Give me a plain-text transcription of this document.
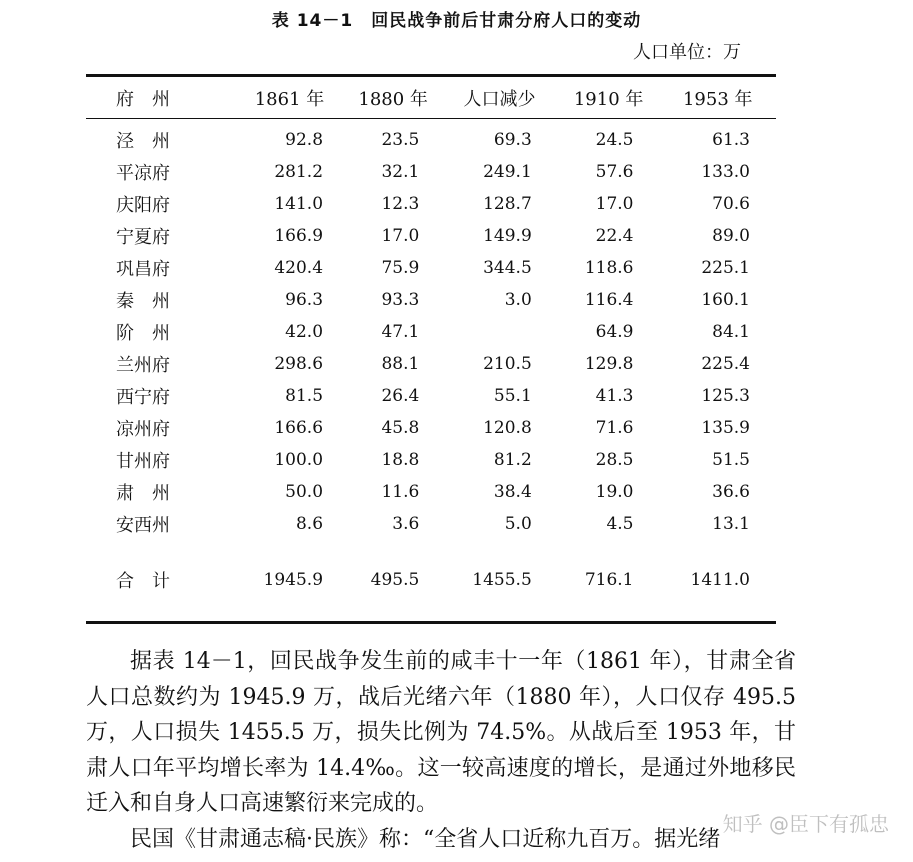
表 14－1　回民战争前后甘肃分府人口的变动
人口单位：万
府　州	1861 年	1880 年	人口减少	1910 年	1953 年
泾　州	92.8	23.5	69.3	24.5	61.3
平凉府	281.2	32.1	249.1	57.6	133.0
庆阳府	141.0	12.3	128.7	17.0	70.6
宁夏府	166.9	17.0	149.9	22.4	89.0
巩昌府	420.4	75.9	344.5	118.6	225.1
秦　州	96.3	93.3	3.0	116.4	160.1
阶　州	42.0	47.1		64.9	84.1
兰州府	298.6	88.1	210.5	129.8	225.4
西宁府	81.5	26.4	55.1	41.3	125.3
凉州府	166.6	45.8	120.8	71.6	135.9
甘州府	100.0	18.8	81.2	28.5	51.5
肃　州	50.0	11.6	38.4	19.0	36.6
安西州	8.6	3.6	5.0	4.5	13.1

合　计	1945.9	495.5	1455.5	716.1	1411.0

据表 14－1，回民战争发生前的咸丰十一年（1861 年），甘肃全省人口总数约为 1945.9 万，战后光绪六年（1880 年），人口仅存 495.5 万，人口损失 1455.5 万，损失比例为 74.5%。从战后至 1953 年，甘肃人口年平均增长率为 14.4‰。这一较高速度的增长，是通过外地移民迁入和自身人口高速繁衍来完成的。

民国《甘肃通志稿·民族》称：“全省人口近称九百万。据光绪

知乎 @臣下有孤忠
